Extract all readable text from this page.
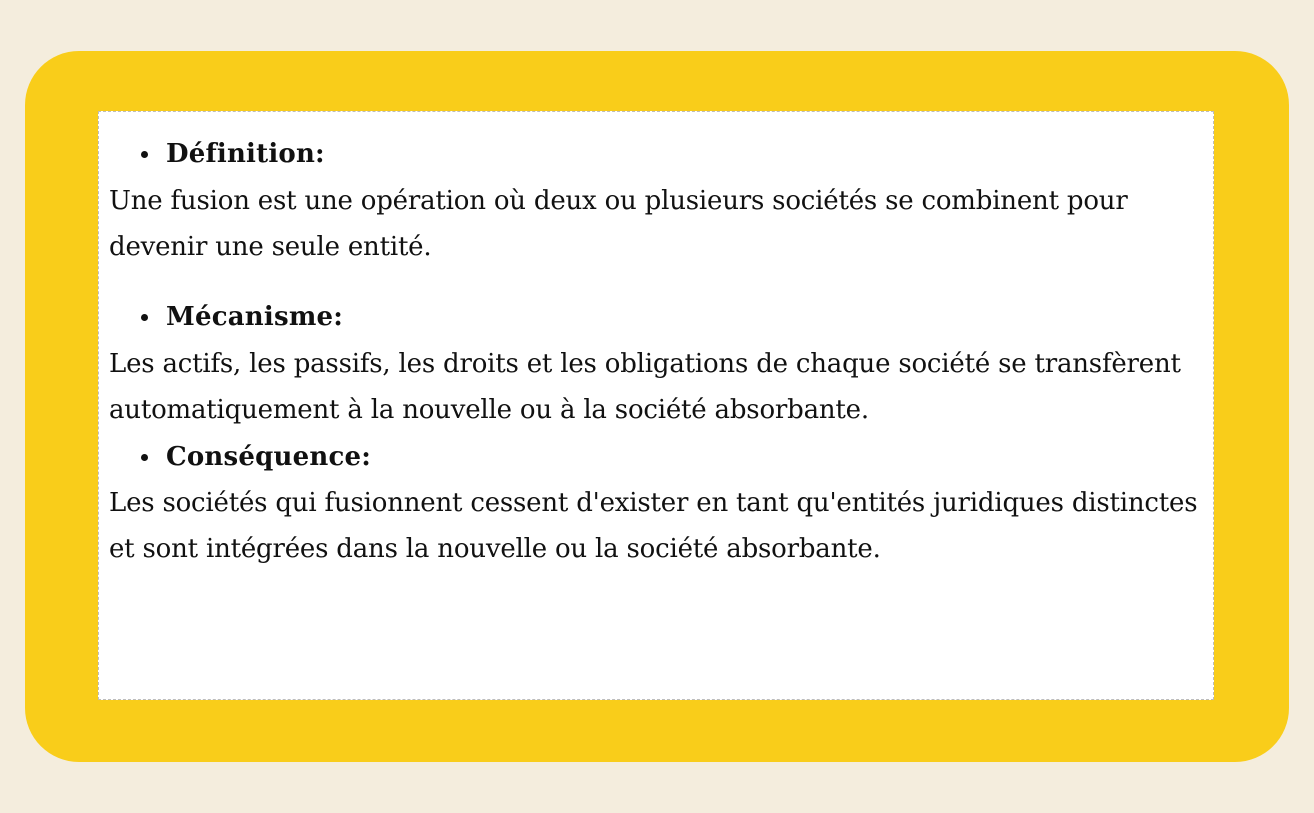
Définition:

Une fusion est une opération où deux ou plusieurs sociétés se combinent pour devenir une seule entité.

Mécanisme:

Les actifs, les passifs, les droits et les obligations de chaque société se transfèrent automatiquement à la nouvelle ou à la société absorbante.

Conséquence:

Les sociétés qui fusionnent cessent d'exister en tant qu'entités juridiques distinctes et sont intégrées dans la nouvelle ou la société absorbante.
